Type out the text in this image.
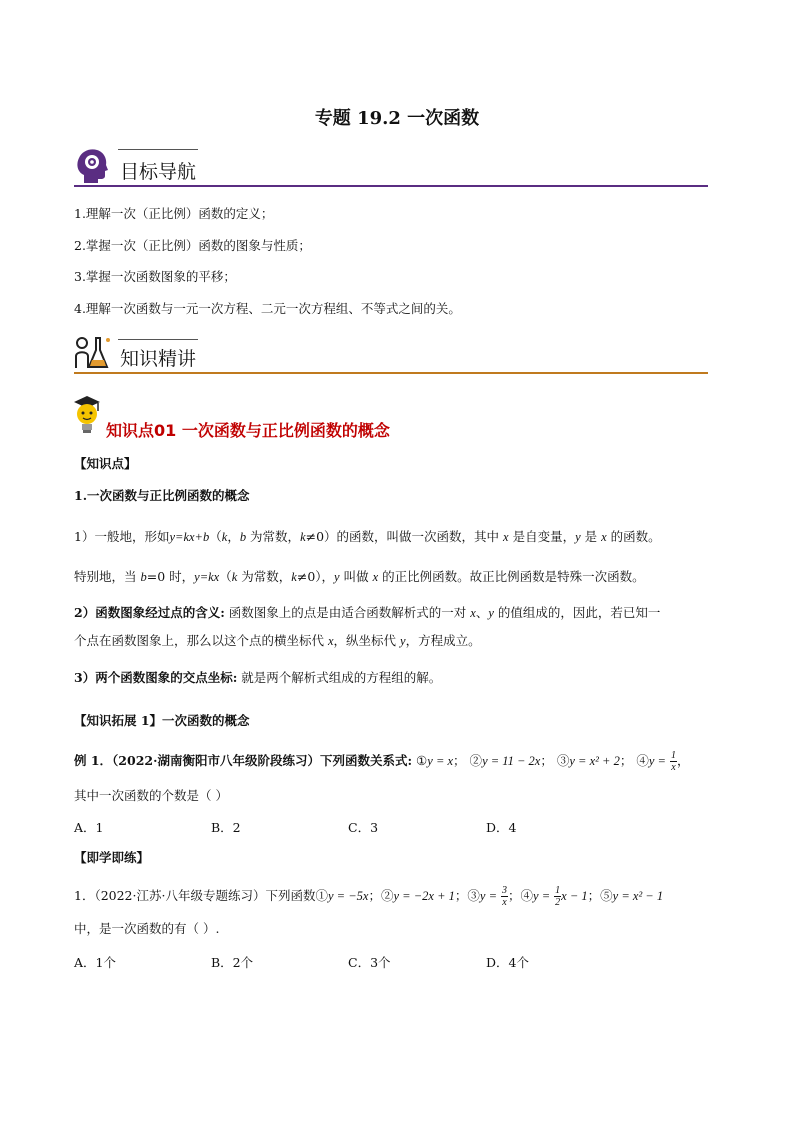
专题 19.2 一次函数
目标导航
1.理解一次（正比例）函数的定义；
2.掌握一次（正比例）函数的图象与性质；
3.掌握一次函数图象的平移；
4.理解一次函数与一元一次方程、二元一次方程组、不等式之间的关。
知识精讲
知识点01 一次函数与正比例函数的概念
【知识点】
1.一次函数与正比例函数的概念
1）一般地，形如y=kx+b（k，b 为常数，k≠0）的函数，叫做一次函数，其中 x 是自变量，y 是 x 的函数。
特别地，当 b=0 时，y=kx（k 为常数，k≠0），y 叫做 x 的正比例函数。故正比例函数是特殊一次函数。
2）函数图象经过点的含义: 函数图象上的点是由适合函数解析式的一对 x、y 的值组成的，因此，若已知一
个点在函数图象上，那么以这个点的横坐标代 x，纵坐标代 y，方程成立。
3）两个函数图象的交点坐标: 就是两个解析式组成的方程组的解。
【知识拓展 1】一次函数的概念
例 1．（2022·湖南衡阳市八年级阶段练习）下列函数关系式: ①y = x； ②y = 11 − 2x； ③y = x² + 2； ④y = $\frac{1}{x}$ ，
其中一次函数的个数是（ ）
A．1	B．2	C．3	D．4
【即学即练】
1．（2022·江苏·八年级专题练习）下列函数①y = −5x；②y = −2x + 1；③y = $\frac{3}{x}$ ；④y = $\frac{1}{2}$ x − 1；⑤y = x² − 1
中，是一次函数的有（ ）.
A．1个	B．2个	C．3个	D．4个
